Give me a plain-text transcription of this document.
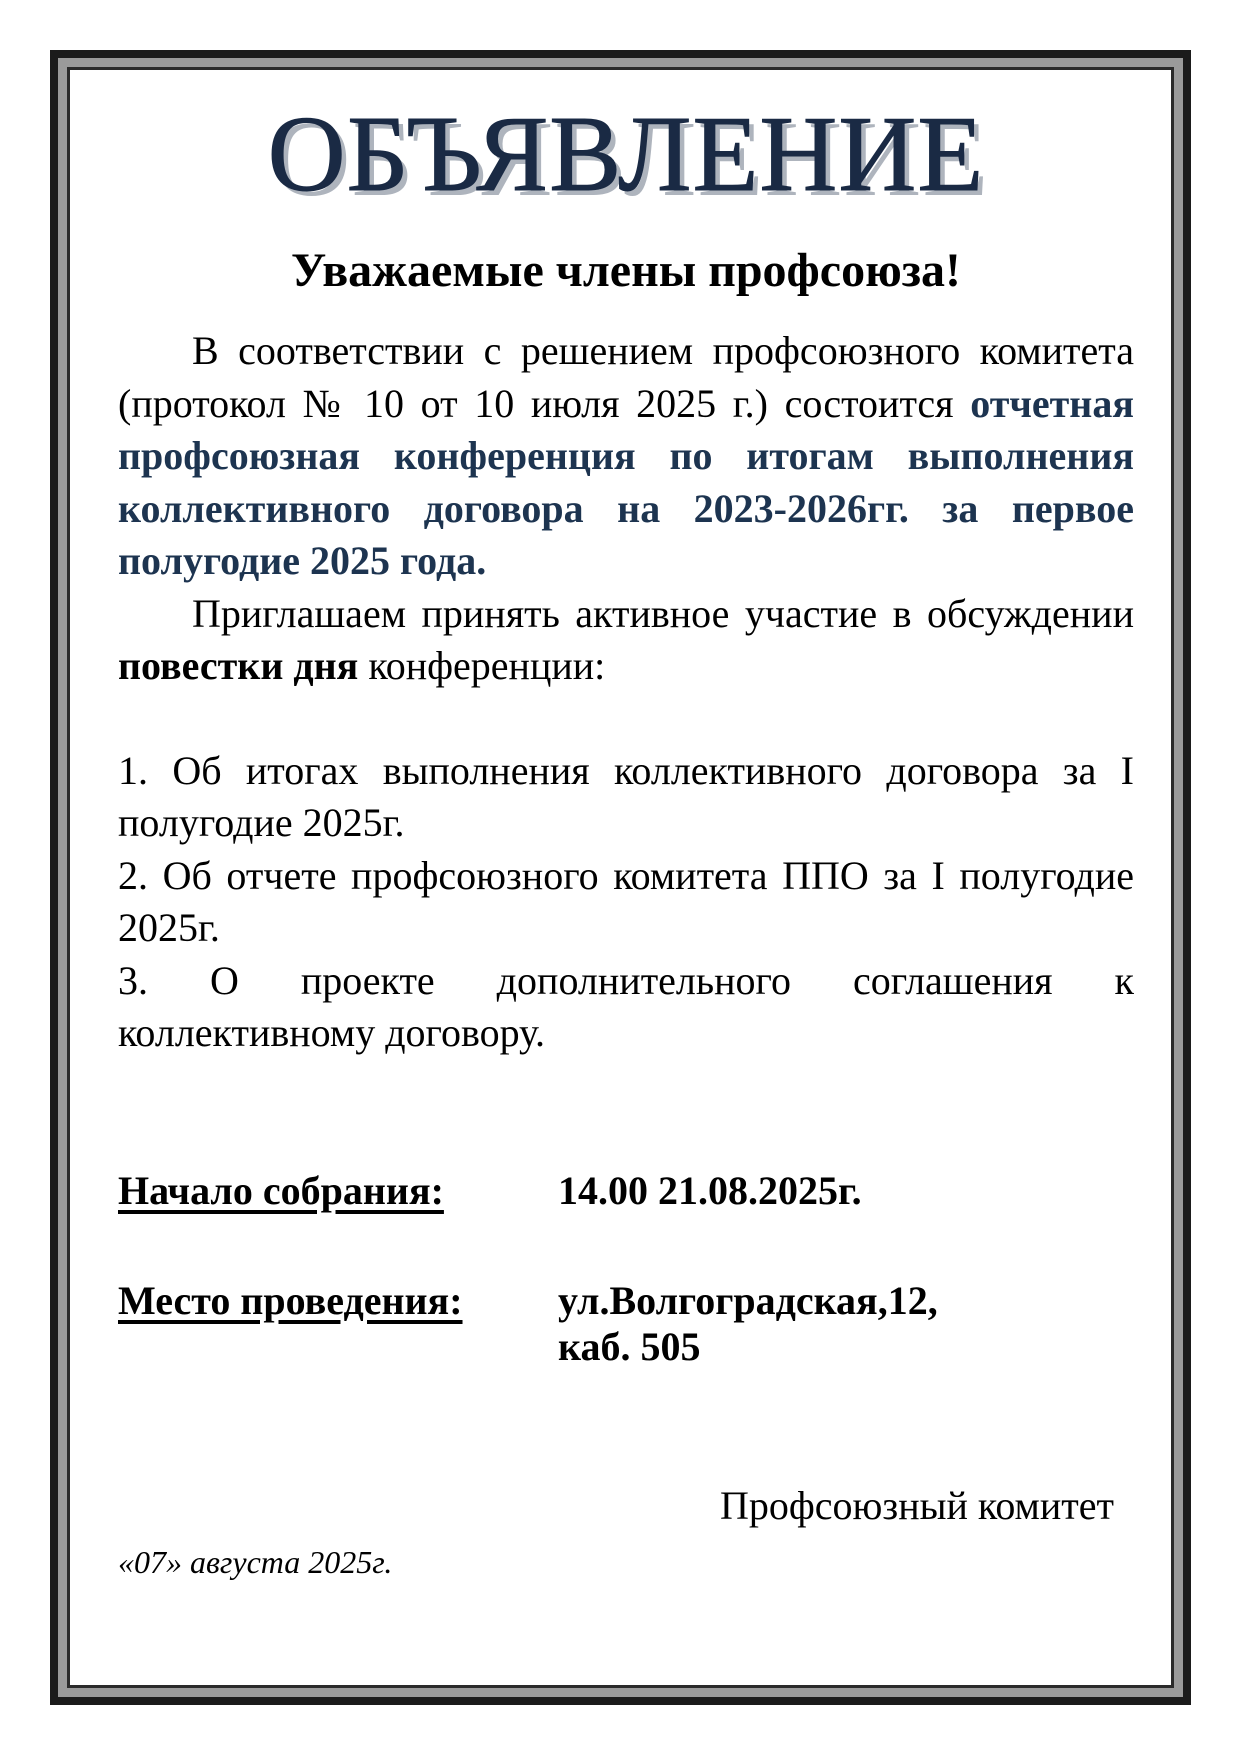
ОБЪЯВЛЕНИЕ
Уважаемые члены профсоюза!

В соответствии с решением профсоюзного комитета (протокол № 10 от 10 июля 2025 г.) состоится отчетная профсоюзная конференция по итогам выполнения коллективного договора на 2023-2026гг. за первое полугодие 2025 года.

Приглашаем принять активное участие в обсуждении повестки дня конференции:

1. Об итогах выполнения коллективного договора за I полугодие 2025г.
2. Об отчете профсоюзного комитета ППО за I полугодие 2025г.
3. О проекте дополнительного соглашения к коллективному договору.
Начало собрания:	14.00 21.08.2025г.
Место проведения: ул.Волгоградская,12,
каб. 505
Профсоюзный комитет
«07» августа 2025г.
